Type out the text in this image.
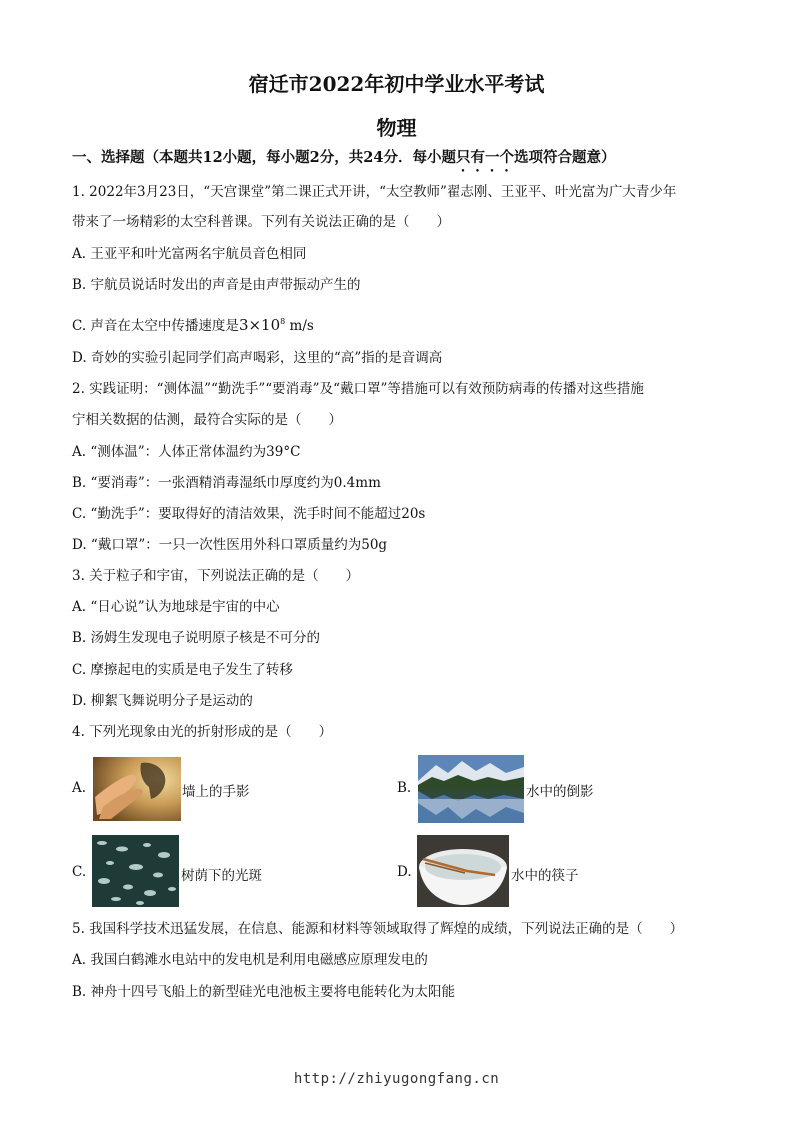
宿迁市2022年初中学业水平考试
物理
一、选择题（本题共12小题，每小题2分，共24分．每小题只有一个选项符合题意）
1. 2022年3月23日，“天宫课堂”第二课正式开讲，“太空教师”翟志刚、王亚平、叶光富为广大青少年
带来了一场精彩的太空科普课。下列有关说法正确的是（　　）
A. 王亚平和叶光富两名宇航员音色相同
B. 宇航员说话时发出的声音是由声带振动产生的
C. 声音在太空中传播速度是$3\times 10^8$ m/s
D. 奇妙的实验引起同学们高声喝彩，这里的“高”指的是音调高
2. 实践证明：“测体温”“勤洗手”“要消毒”及“戴口罩”等措施可以有效预防病毒的传播对这些措施
宁相关数据的估测，最符合实际的是（　　）
A. “测体温”：人体正常体温约为39°C
B. “要消毒”：一张酒精消毒湿纸巾厚度约为0.4mm
C. “勤洗手”：要取得好的清洁效果，洗手时间不能超过20s
D. “戴口罩”：一只一次性医用外科口罩质量约为50g
3. 关于粒子和宇宙，下列说法正确的是（　　）
A. “日心说”认为地球是宇宙的中心
B. 汤姆生发现电子说明原子核是不可分的
C. 摩擦起电的实质是电子发生了转移
D. 柳絮飞舞说明分子是运动的
4. 下列光现象由光的折射形成的是（　　）
A.	墙上的手影	B.	水中的倒影
C.	树荫下的光斑	D.	水中的筷子
5. 我国科学技术迅猛发展，在信息、能源和材料等领域取得了辉煌的成绩，下列说法正确的是（　　）
A. 我国白鹤滩水电站中的发电机是利用电磁感应原理发电的
B. 神舟十四号飞船上的新型硅光电池板主要将电能转化为太阳能
http://zhiyugongfang.cn
